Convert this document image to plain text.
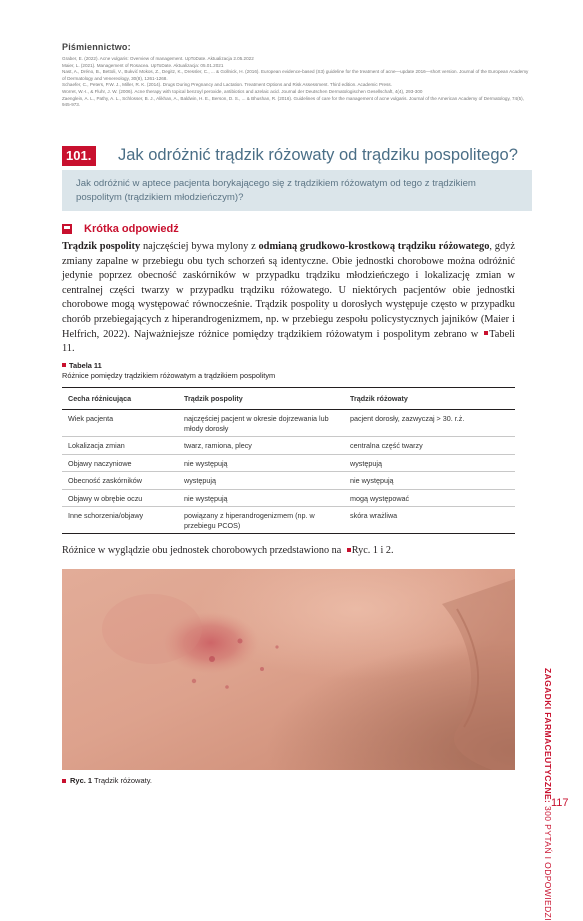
Piśmiennictwo:
Graber, E. (2022). Acne vulgaris: Overview of management. UpToDate. Aktualizacja 2.05.2022
Maier, L. (2021). Management of Rosacea. UpToDate. Aktualizacja: 05.01.2021
Nast, A., Dréno, B., Bettoli, V., Bukvić Mokos, Z., Degitz, K., Dressler, C., ... & Gollnick, H. (2016). European evidence-based (S3) guideline for the treatment of acne—update 2016—short version. Journal of the European Academy of Dermatology and Venereology, 30(8), 1261-1268.
Schaefer, C., Peters, P.W. J., Miller, R. K. (2014). Drugs During Pregnancy and Lactation. Treatment Options and Risk Assessment. Third edition. Academic Press.
Worret, W.-I., & Fluhr, J. W. (2006). Acne therapy with topical benzoyl peroxide, antibiotics and azelaic acid. Journal der Deutschen Dermatologischen Gesellschaft, 4(4), 293-300
Zaenglein, A. L., Pathy, A. L., Schlosser, B. J., Alikhan, A., Baldwin, H. E., Berson, D. S., ... & Bhushan, R. (2016). Guidelines of care for the management of acne vulgaris. Journal of the American Academy of Dermatology, 74(5), 945-973.
101.	Jak odróżnić trądzik różowaty od trądziku pospolitego?

Jak odróżnić w aptece pacjenta borykającego się z trądzikiem różowatym od tego z trądzikiem pospolitym (trądzikiem młodzieńczym)?

Krótka odpowiedź

Trądzik pospolity najczęściej bywa mylony z odmianą grudkowo-krostkową trądziku różowatego, gdyż zmiany zapalne w przebiegu obu tych schorzeń są identyczne. Obie jednostki chorobowe można odróżnić jedynie poprzez obecność zaskórników w przypadku trądziku młodzieńczego i lokalizację zmian w centralnej części twarzy w przypadku trądziku różowatego. U niektórych pacjentów obie jednostki chorobowe mogą występować równocześnie. Trądzik pospolity u dorosłych występuje często w przypadku chorób przebiegających z hiperandrogenizmem, np. w przebiegu zespołu policystycznych jajników (Maier i Helfrich, 2022). Najważniejsze różnice pomiędzy trądzikiem różowatym i pospolitym zebrano w Tabeli 11.

Tabela 11
Różnice pomiędzy trądzikiem różowatym a trądzikiem pospolitym
Cecha różnicująca	Trądzik pospolity	Trądzik różowaty
Wiek pacjenta	najczęściej pacjent w okresie dojrzewania lub młody dorosły	pacjent dorosły, zazwyczaj > 30. r.ż.
Lokalizacja zmian	twarz, ramiona, plecy	centralna część twarzy
Objawy naczyniowe	nie występują	występują
Obecność zaskórników	występują	nie występują
Objawy w obrębie oczu	nie występują	mogą występować
Inne schorzenia/objawy	powiązany z hiperandrogenizmem (np. w przebiegu PCOS)	skóra wrażliwa
Różnice w wyglądzie obu jednostek chorobowych przedstawiono na Ryc. 1 i 2.
Ryc. 1 Trądzik różowaty.	ZAGADKI FARMACEUTYCZNE: 300 PYTAŃ I ODPOWIEDZI
117
